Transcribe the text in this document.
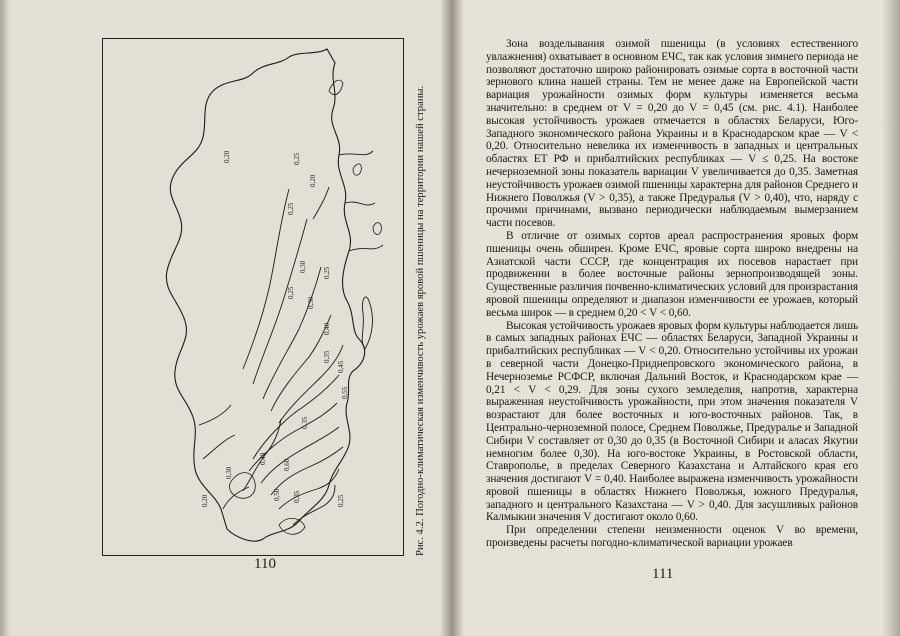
0,20	0,25
0,25
0,20
0,30
0,25
0,30
0,40
0,35
0,45
0,55
0,35
0,40 0,60
0,50 0,35	0,25
0,20
0,25
0,30	Рис. 4.2. Погодно-климатическая изменчивость урожаев яровой пшеницы на территории нашей страны.
110

Зона возделывания озимой пшеницы (в условиях естественного увлажнения) охватывает в основном ЕЧС, так как условия зимнего периода не позволяют достаточно широко районировать озимые сорта в восточной части зернового клина нашей страны. Тем не менее даже на Европейской части вариация урожайности озимых форм культуры изменяется весьма значительно: в среднем от V = 0,20 до V = 0,45 (см. рис. 4.1). Наиболее высокая устойчивость урожаев отмечается в областях Беларуси, Юго-Западного экономического района Украины и в Краснодарском крае — V < 0,20. Относительно невелика их изменчивость в западных и центральных областях ЕТ РФ и прибалтийских республиках — V ≤ 0,25. На востоке нечерноземной зоны показатель вариации V увеличивается до 0,35. Заметная неустойчивость урожаев озимой пшеницы характерна для районов Среднего и Нижнего Поволжья (V > 0,35), а также Предуралья (V > 0,40), что, наряду с прочими причинами, вызвано периодически наблюдаемым вымерзанием части посевов.

В отличие от озимых сортов ареал распространения яровых форм пшеницы очень обширен. Кроме ЕЧС, яровые сорта широко внедрены на Азиатской части СССР, где концентрация их посевов нарастает при продвижении в более восточные районы зернопроизводящей зоны. Существенные различия почвенно-климатических условий для произрастания яровой пшеницы определяют и диапазон изменчивости ее урожаев, который весьма широк — в среднем 0,20 < V < 0,60.

Высокая устойчивость урожаев яровых форм культуры наблюдается лишь в самых западных районах ЕЧС — областях Беларуси, Западной Украины и прибалтийских республиках — V < 0,20. Относительно устойчивы их урожаи в северной части Донецко-Приднепровского экономического района, в Нечерноземье РСФСР, включая Дальний Восток, и Краснодарском крае — 0,21 < V < 0,29. Для зоны сухого земледелия, напротив, характерна выраженная неустойчивость урожайности, при этом значения показателя V возрастают для более восточных и юго-восточных районов. Так, в Центрально-черноземной полосе, Среднем Поволжье, Предуралье и Западной Сибири V составляет от 0,30 до 0,35 (в Восточной Сибири и алаcах Якутии немногим более 0,30). На юго-востоке Украины, в Ростовской области, Ставрополье, в пределах Северного Казахстана и Алтайского края его значения достигают V = 0,40. Наиболее выражена изменчивость урожайности яровой пшеницы в областях Нижнего Поволжья, южного Предуралья, западного и центрального Казахстана — V > 0,40. Для засушливых районов Калмыкии значения V достигают около 0,60.

При определении степени неизменности оценок V во времени, произведены расчеты погодно-климатической вариации урожаев

111
